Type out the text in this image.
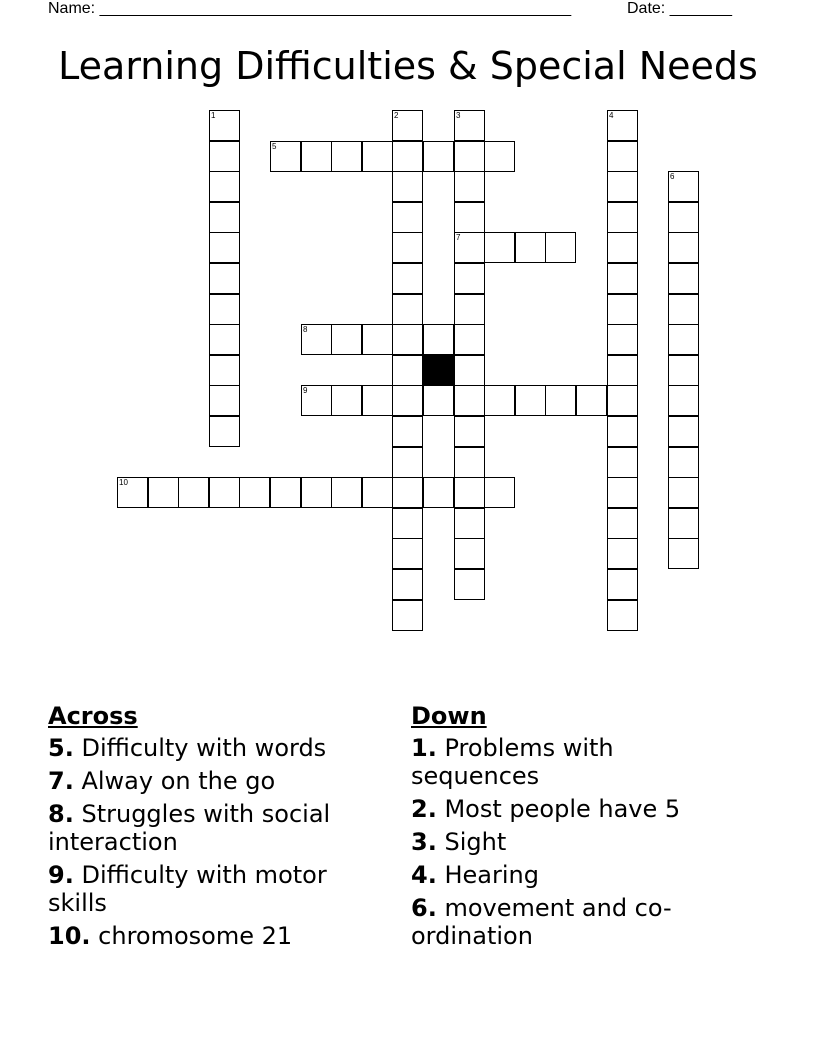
Name: _____________________________________________________	Date: _______
Learning Difficulties & Special Needs
1	2	3
7
4
5
6
8
9
10
Across
5. Difficulty with words
7. Alway on the go
8. Struggles with social interaction
9. Difficulty with motor skills
10. chromosome 21
Down
1. Problems with sequences
2. Most people have 5
3. Sight
4. Hearing
6. movement and co-ordination
